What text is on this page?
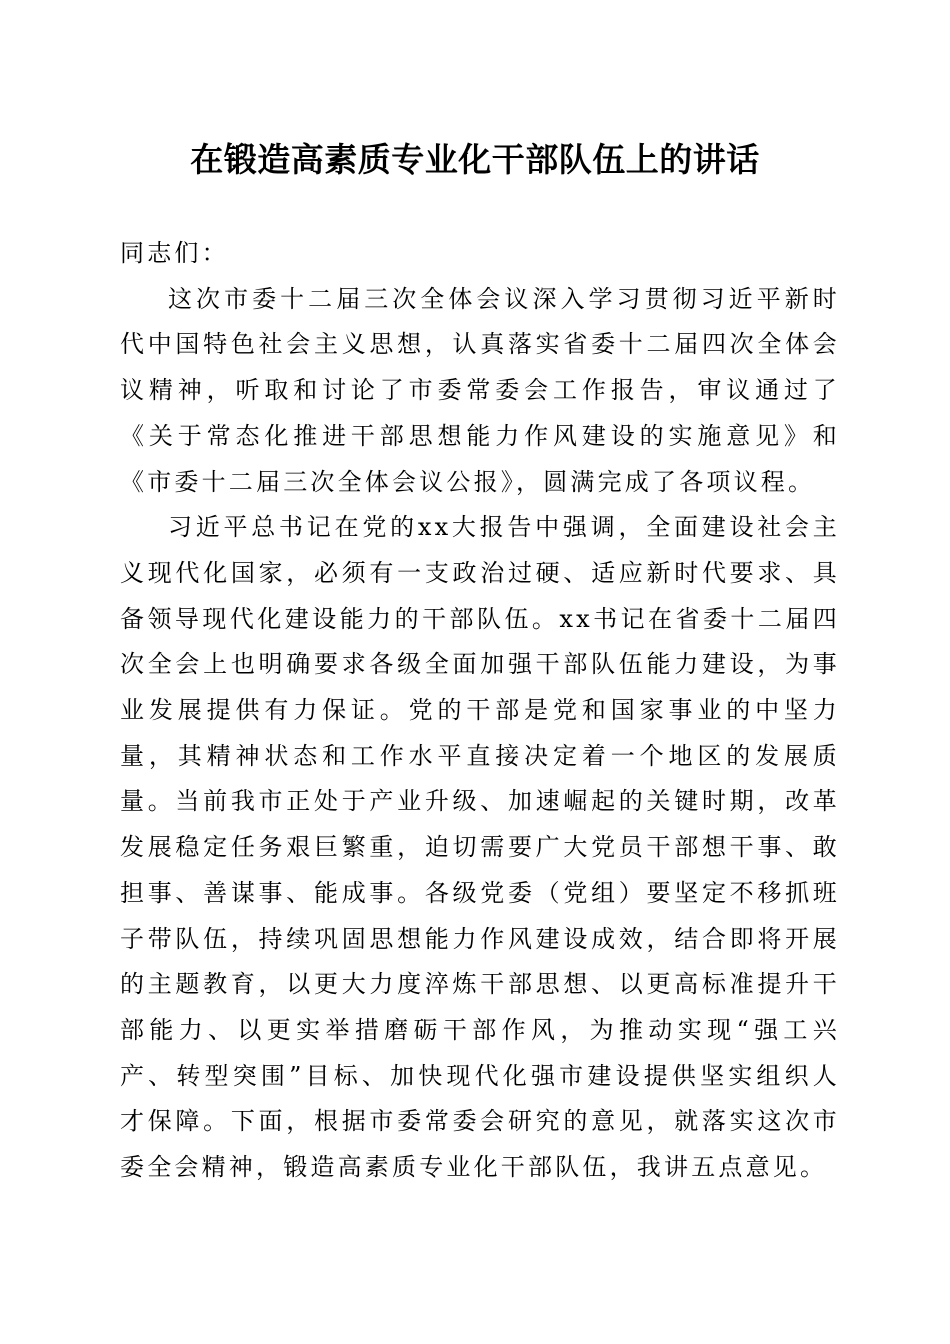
在锻造高素质专业化干部队伍上的讲话

同志们：

这次市委十二届三次全体会议深入学习贯彻习近平新时代中国特色社会主义思想，认真落实省委十二届四次全体会议精神，听取和讨论了市委常委会工作报告，审议通过了《关于常态化推进干部思想能力作风建设的实施意见》和《市委十二届三次全体会议公报》，圆满完成了各项议程。

习近平总书记在党的xx大报告中强调，全面建设社会主义现代化国家，必须有一支政治过硬、适应新时代要求、具备领导现代化建设能力的干部队伍。xx书记在省委十二届四次全会上也明确要求各级全面加强干部队伍能力建设，为事业发展提供有力保证。党的干部是党和国家事业的中坚力量，其精神状态和工作水平直接决定着一个地区的发展质量。当前我市正处于产业升级、加速崛起的关键时期，改革发展稳定任务艰巨繁重，迫切需要广大党员干部想干事、敢担事、善谋事、能成事。各级党委（党组）要坚定不移抓班子带队伍，持续巩固思想能力作风建设成效，结合即将开展的主题教育，以更大力度淬炼干部思想、以更高标准提升干部能力、以更实举措磨砺干部作风，为推动实现“强工兴产、转型突围”目标、加快现代化强市建设提供坚实组织人才保障。下面，根据市委常委会研究的意见，就落实这次市委全会精神，锻造高素质专业化干部队伍，我讲五点意见。
